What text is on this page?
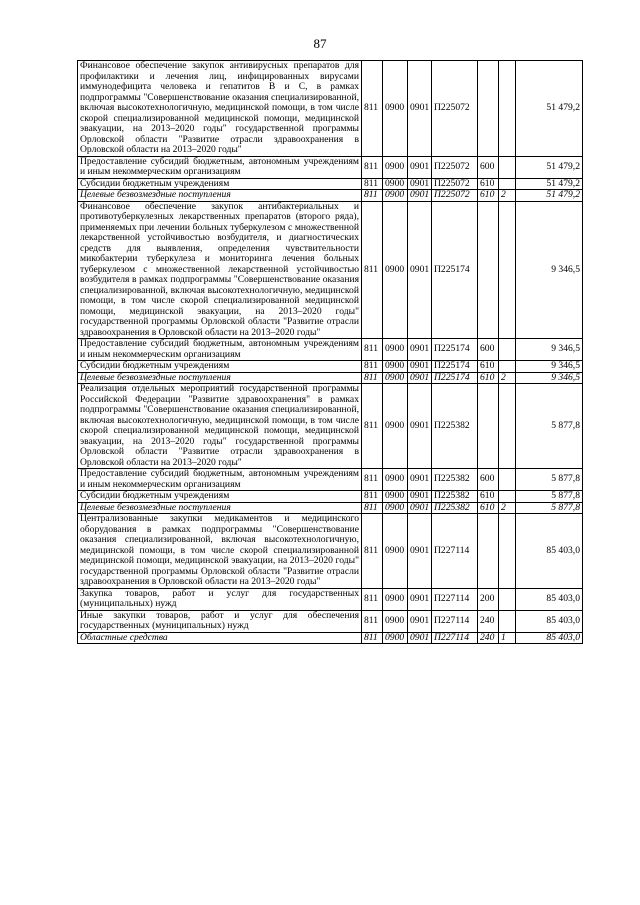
87
Финансовое обеспечение закупок антивирусных препаратов для профилактики и лечения лиц, инфицированных вирусами иммунодефицита человека и гепатитов В и С, в рамках подпрограммы "Совершенствование оказания специализированной, включая высокотехнологичную, медицинской помощи, в том числе скорой специализированной медицинской помощи, медицинской эвакуации, на 2013–2020 годы" государственной программы Орловской области "Развитие отрасли здравоохранения в Орловской области на 2013–2020 годы"	811	0900	0901	П225072			51 479,2
Предоставление субсидий бюджетным, автономным учреждениям и иным некоммерческим организациям	811	0900	0901	П225072	600		51 479,2
Субсидии бюджетным учреждениям	811	0900	0901	П225072	610		51 479,2
Целевые безвозмездные поступления	811	0900	0901	П225072	610	2	51 479,2
Финансовое обеспечение закупок антибактериальных и противотуберкулезных лекарственных препаратов (второго ряда), применяемых при лечении больных туберкулезом с множественной лекарственной устойчивостью возбудителя, и диагностических средств для выявления, определения чувствительности микобактерии туберкулеза и мониторинга лечения больных туберкулезом с множественной лекарственной устойчивостью возбудителя в рамках подпрограммы "Совершенствование оказания специализированной, включая высокотехнологичную, медицинской помощи, в том числе скорой специализированной медицинской помощи, медицинской эвакуации, на 2013–2020 годы" государственной программы Орловской области "Развитие отрасли здравоохранения в Орловской области на 2013–2020 годы"	811	0900	0901	П225174			9 346,5
Предоставление субсидий бюджетным, автономным учреждениям и иным некоммерческим организациям	811	0900	0901	П225174	600		9 346,5
Субсидии бюджетным учреждениям	811	0900	0901	П225174	610		9 346,5
Целевые безвозмездные поступления	811	0900	0901	П225174	610	2	9 346,5
Реализация отдельных мероприятий государственной программы Российской Федерации "Развитие здравоохранения" в рамках подпрограммы "Совершенствование оказания специализированной, включая высокотехнологичную, медицинской помощи, в том числе скорой специализированной медицинской помощи, медицинской эвакуации, на 2013–2020 годы" государственной программы Орловской области "Развитие отрасли здравоохранения в Орловской области на 2013–2020 годы"	811	0900	0901	П225382			5 877,8
Предоставление субсидий бюджетным, автономным учреждениям и иным некоммерческим организациям	811	0900	0901	П225382	600		5 877,8
Субсидии бюджетным учреждениям	811	0900	0901	П225382	610		5 877,8
Целевые безвозмездные поступления	811	0900	0901	П225382	610	2	5 877,8
Централизованные закупки медикаментов и медицинского оборудования в рамках подпрограммы "Совершенствование оказания специализированной, включая высокотехнологичную, медицинской помощи, в том числе скорой специализированной медицинской помощи, медицинской эвакуации, на 2013–2020 годы" государственной программы Орловской области "Развитие отрасли здравоохранения в Орловской области на 2013–2020 годы"	811	0900	0901	П227114			85 403,0
Закупка товаров, работ и услуг для государственных (муниципальных) нужд	811	0900	0901	П227114	200		85 403,0
Иные закупки товаров, работ и услуг для обеспечения государственных (муниципальных) нужд	811	0900	0901	П227114	240		85 403,0
Областные средства	811	0900	0901	П227114	240	1	85 403,0
